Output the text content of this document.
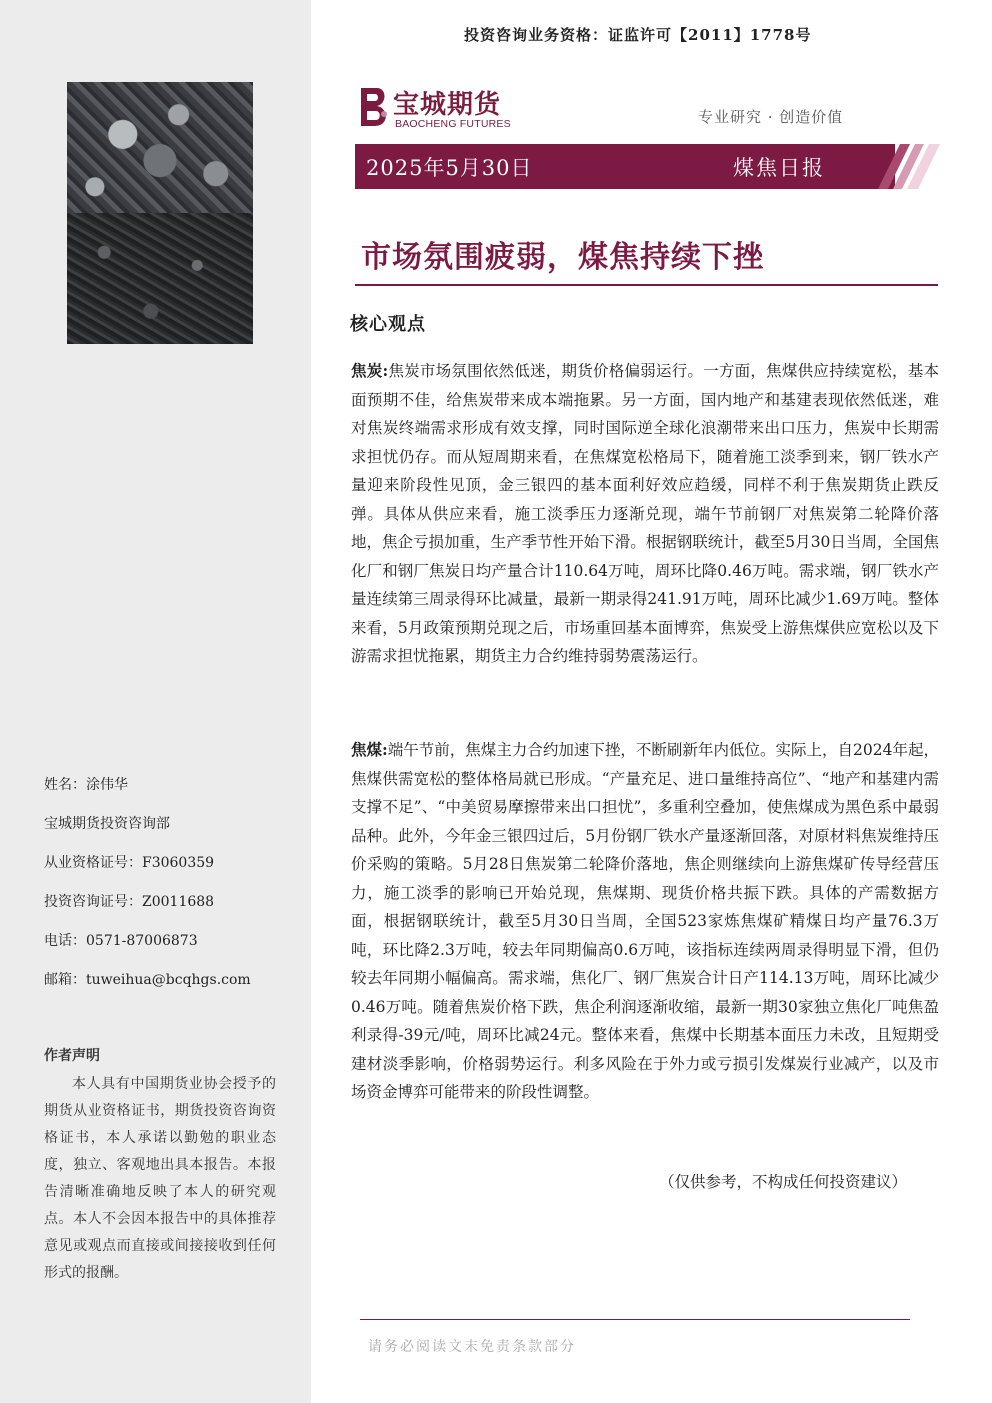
姓名：涂伟华
宝城期货投资咨询部
从业资格证号：F3060359
投资咨询证号：Z0011688
电话：0571-87006873
邮箱：tuweihua@bcqhgs.com
作者声明
本人具有中国期货业协会授予的期货从业资格证书，期货投资咨询资格证书，本人承诺以勤勉的职业态度，独立、客观地出具本报告。本报告清晰准确地反映了本人的研究观点。本人不会因本报告中的具体推荐意见或观点而直接或间接接收到任何形式的报酬。
投资咨询业务资格：证监许可【2011】1778号
宝城期货
BAOCHENG FUTURES	专业研究 · 创造价值
2025年5月30日	煤焦日报
市场氛围疲弱，煤焦持续下挫
核心观点
焦炭:焦炭市场氛围依然低迷，期货价格偏弱运行。一方面，焦煤供应持续宽松，基本面预期不佳，给焦炭带来成本端拖累。另一方面，国内地产和基建表现依然低迷，难对焦炭终端需求形成有效支撑，同时国际逆全球化浪潮带来出口压力，焦炭中长期需求担忧仍存。而从短周期来看，在焦煤宽松格局下，随着施工淡季到来，钢厂铁水产量迎来阶段性见顶，金三银四的基本面利好效应趋缓，同样不利于焦炭期货止跌反弹。具体从供应来看，施工淡季压力逐渐兑现，端午节前钢厂对焦炭第二轮降价落地，焦企亏损加重，生产季节性开始下滑。根据钢联统计，截至5月30日当周，全国焦化厂和钢厂焦炭日均产量合计110.64万吨，周环比降0.46万吨。需求端，钢厂铁水产量连续第三周录得环比减量，最新一期录得241.91万吨，周环比减少1.69万吨。整体来看，5月政策预期兑现之后，市场重回基本面博弈，焦炭受上游焦煤供应宽松以及下游需求担忧拖累，期货主力合约维持弱势震荡运行。
焦煤:端午节前，焦煤主力合约加速下挫，不断刷新年内低位。实际上，自2024年起，焦煤供需宽松的整体格局就已形成。“产量充足、进口量维持高位”、“地产和基建内需支撑不足”、“中美贸易摩擦带来出口担忧”，多重利空叠加，使焦煤成为黑色系中最弱品种。此外，今年金三银四过后，5月份钢厂铁水产量逐渐回落，对原材料焦炭维持压价采购的策略。5月28日焦炭第二轮降价落地，焦企则继续向上游焦煤矿传导经营压力，施工淡季的影响已开始兑现，焦煤期、现货价格共振下跌。具体的产需数据方面，根据钢联统计，截至5月30日当周，全国523家炼焦煤矿精煤日均产量76.3万吨，环比降2.3万吨，较去年同期偏高0.6万吨，该指标连续两周录得明显下滑，但仍较去年同期小幅偏高。需求端，焦化厂、钢厂焦炭合计日产114.13万吨，周环比减少0.46万吨。随着焦炭价格下跌，焦企利润逐渐收缩，最新一期30家独立焦化厂吨焦盈利录得-39元/吨，周环比减24元。整体来看，焦煤中长期基本面压力未改，且短期受建材淡季影响，价格弱势运行。利多风险在于外力或亏损引发煤炭行业减产，以及市场资金博弈可能带来的阶段性调整。
（仅供参考，不构成任何投资建议）
请务必阅读文末免责条款部分
